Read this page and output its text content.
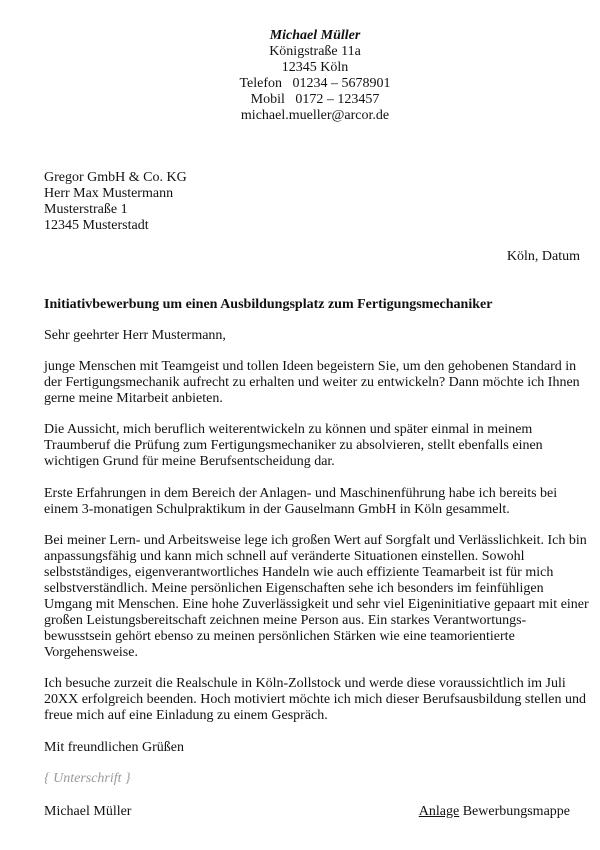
Michael Müller
Königstraße 11a
12345 Köln
Telefon   01234 – 5678901
Mobil   0172 – 123457
michael.mueller@arcor.de
Gregor GmbH & Co. KG
Herr Max Mustermann
Musterstraße 1
12345 Musterstadt
Köln, Datum
Initiativbewerbung um einen Ausbildungsplatz zum Fertigungsmechaniker
Sehr geehrter Herr Mustermann,
junge Menschen mit Teamgeist und tollen Ideen begeistern Sie, um den gehobenen Standard in
der Fertigungsmechanik aufrecht zu erhalten und weiter zu entwickeln? Dann möchte ich Ihnen
gerne meine Mitarbeit anbieten.
Die Aussicht, mich beruflich weiterentwickeln zu können und später einmal in meinem
Traumberuf die Prüfung zum Fertigungsmechaniker zu absolvieren, stellt ebenfalls einen
wichtigen Grund für meine Berufsentscheidung dar.
Erste Erfahrungen in dem Bereich der Anlagen- und Maschinenführung habe ich bereits bei
einem 3-monatigen Schulpraktikum in der Gauselmann GmbH in Köln gesammelt.
Bei meiner Lern- und Arbeitsweise lege ich großen Wert auf Sorgfalt und Verlässlichkeit. Ich bin
anpassungsfähig und kann mich schnell auf veränderte Situationen einstellen. Sowohl
selbstständiges, eigenverantwortliches Handeln wie auch effiziente Teamarbeit ist für mich
selbstverständlich. Meine persönlichen Eigenschaften sehe ich besonders im feinfühligen
Umgang mit Menschen. Eine hohe Zuverlässigkeit und sehr viel Eigeninitiative gepaart mit einer
großen Leistungsbereitschaft zeichnen meine Person aus. Ein starkes Verantwortungs-
bewusstsein gehört ebenso zu meinen persönlichen Stärken wie eine teamorientierte
Vorgehensweise.
Ich besuche zurzeit die Realschule in Köln-Zollstock und werde diese voraussichtlich im Juli
20XX erfolgreich beenden. Hoch motiviert möchte ich mich dieser Berufsausbildung stellen und
freue mich auf eine Einladung zu einem Gespräch.
Mit freundlichen Grüßen
{ Unterschrift }
Michael Müller	Anlage Bewerbungsmappe
